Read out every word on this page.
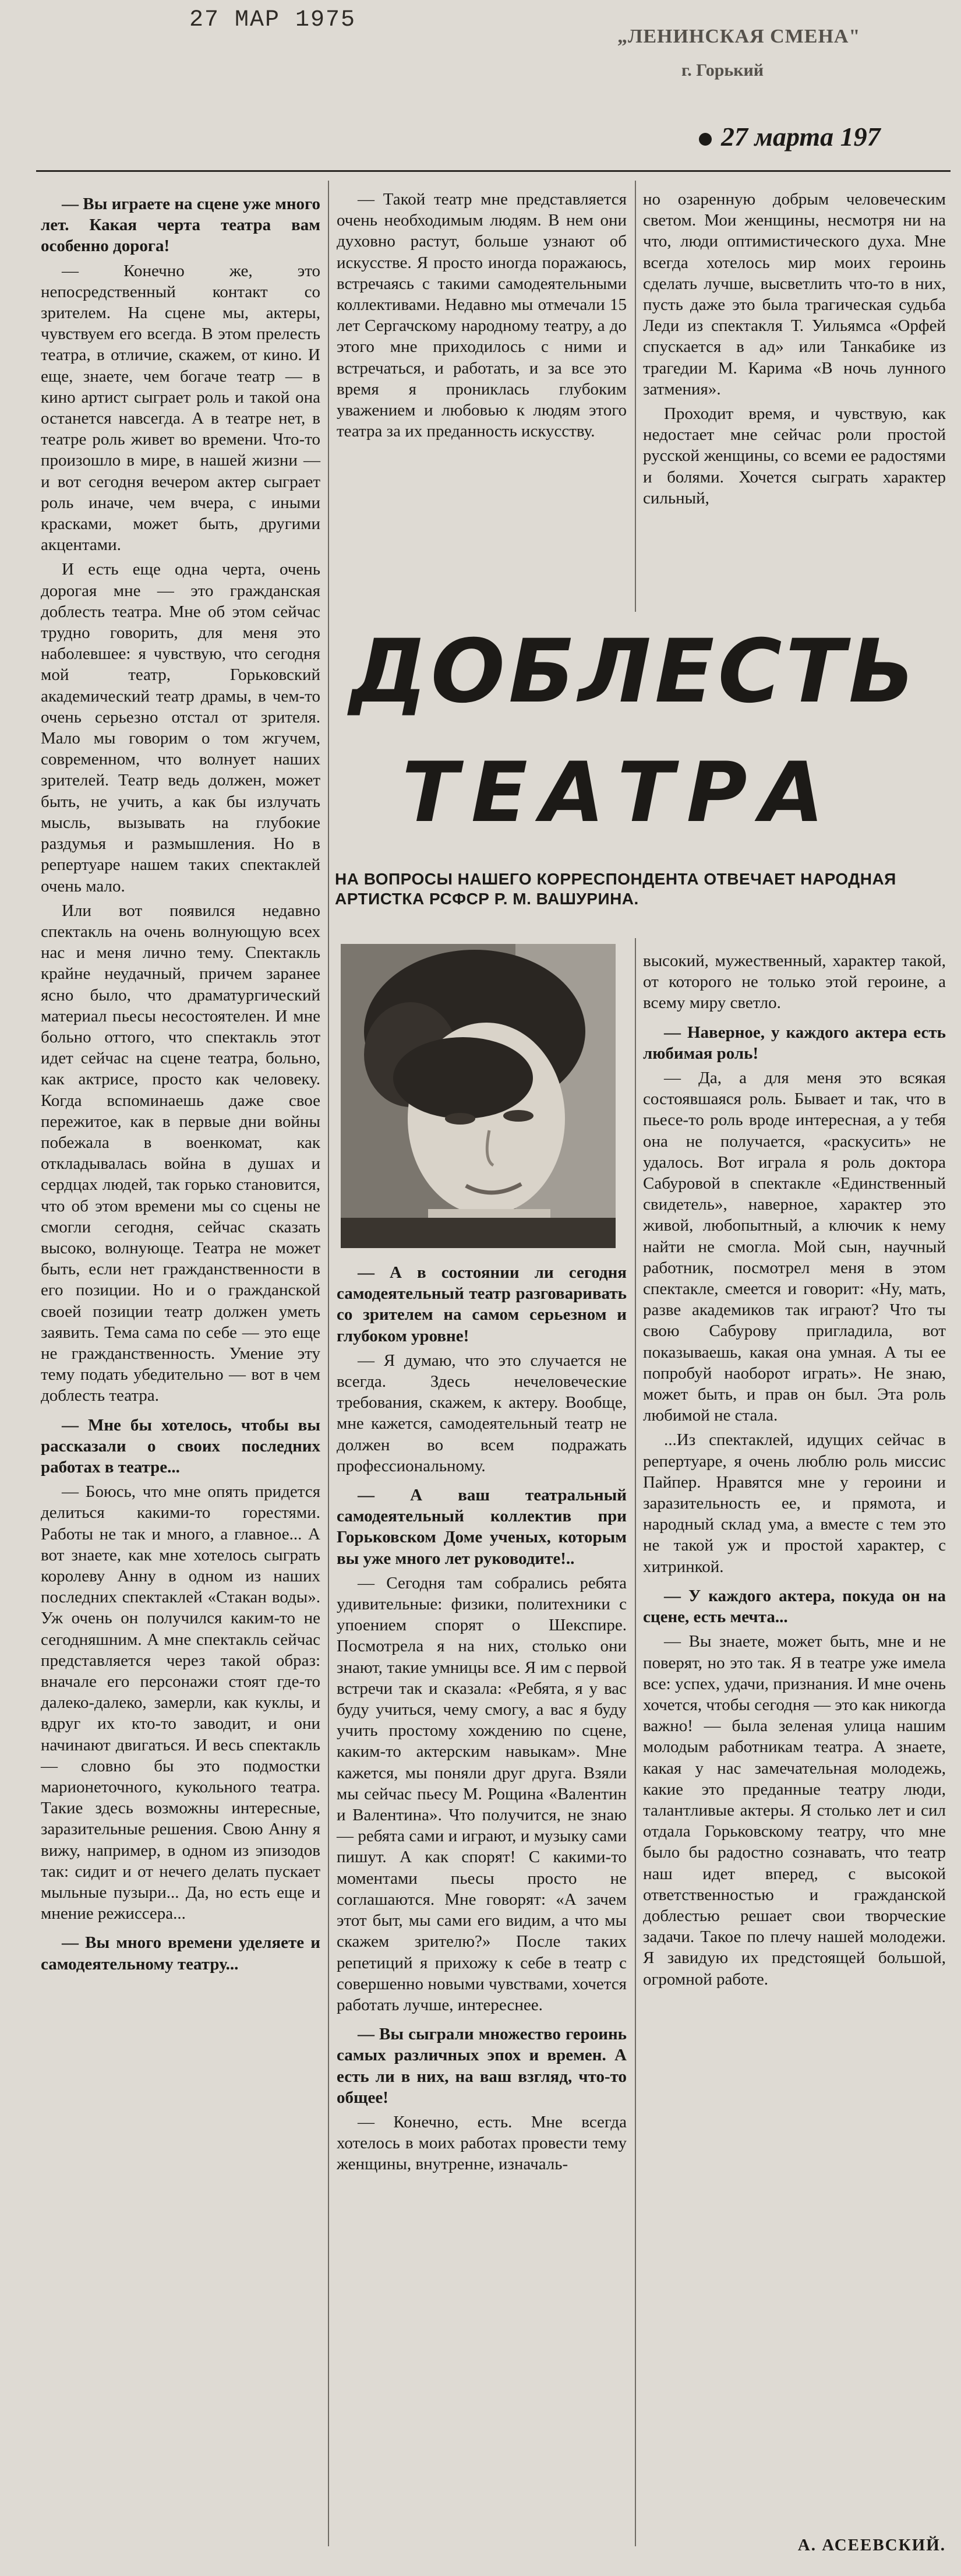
27 МАР 1975
„ЛЕНИНСКАЯ СМЕНА"
г. Горький
27 марта 197

— Вы играете на сцене уже много лет. Какая черта театра вам особенно дорога!

— Конечно же, это непосредственный контакт со зрителем. На сцене мы, актеры, чувствуем его всегда. В этом прелесть театра, в отличие, скажем, от кино. И еще, знаете, чем богаче театр — в кино артист сыграет роль и такой она останется навсегда. А в театре нет, в театре роль живет во времени. Что-то произошло в мире, в нашей жизни — и вот сегодня вечером актер сыграет роль иначе, чем вчера, с иными красками, может быть, другими акцентами.

И есть еще одна черта, очень дорогая мне — это гражданская доблесть театра. Мне об этом сейчас трудно говорить, для меня это наболевшее: я чувствую, что сегодня мой театр, Горьковский академический театр драмы, в чем-то очень серьезно отстал от зрителя. Мало мы говорим о том жгучем, современном, что волнует наших зрителей. Театр ведь должен, может быть, не учить, а как бы излучать мысль, вызывать на глубокие раздумья и размышления. Но в репертуаре нашем таких спектаклей очень мало.

Или вот появился недавно спектакль на очень волнующую всех нас и меня лично тему. Спектакль крайне неудачный, причем заранее ясно было, что драматургический материал пьесы несостоятелен. И мне больно оттого, что спектакль этот идет сейчас на сцене театра, больно, как актрисе, просто как человеку. Когда вспоминаешь даже свое пережитое, как в первые дни войны побежала в военкомат, как откладывалась война в душах и сердцах людей, так горько становится, что об этом времени мы со сцены не смогли сегодня, сейчас сказать высоко, волнующе. Театра не может быть, если нет гражданственности в его позиции. Но и о гражданской своей позиции театр должен уметь заявить. Тема сама по себе — это еще не гражданственность. Умение эту тему подать убедительно — вот в чем доблесть театра.

— Мне бы хотелось, чтобы вы рассказали о своих последних работах в театре...

— Боюсь, что мне опять придется делиться какими-то горестями. Работы не так и много, а главное... А вот знаете, как мне хотелось сыграть королеву Анну в одном из наших последних спектаклей «Стакан воды». Уж очень он получился каким-то не сегодняшним. А мне спектакль сейчас представляется через такой образ: вначале его персонажи стоят где-то далеко-далеко, замерли, как куклы, и вдруг их кто-то заводит, и они начинают двигаться. И весь спектакль — словно бы это подмостки марионеточного, кукольного театра. Такие здесь возможны интересные, заразительные решения. Свою Анну я вижу, например, в одном из эпизодов так: сидит и от нечего делать пускает мыльные пузыри... Да, но есть еще и мнение режиссера...

— Вы много времени уделяете и самодеятельному театру...

— Такой театр мне представляется очень необходимым людям. В нем они духовно растут, больше узнают об искусстве. Я просто иногда поражаюсь, встречаясь с такими самодеятельными коллективами. Недавно мы отмечали 15 лет Сергачскому народному театру, а до этого мне приходилось с ними и встречаться, и работать, и за все это время я прониклась глубоким уважением и любовью к людям этого театра за их преданность искусству.

но озаренную добрым человеческим светом. Мои женщины, несмотря ни на что, люди оптимистического духа. Мне всегда хотелось мир моих героинь сделать лучше, высветлить что-то в них, пусть даже это была трагическая судьба Леди из спектакля Т. Уильямса «Орфей спускается в ад» или Танкабике из трагедии М. Карима «В ночь лунного затмения».

Проходит время, и чувствую, как недостает мне сейчас роли простой русской женщины, со всеми ее радостями и болями. Хочется сыграть характер сильный,

ДОБЛЕСТЬ
ТЕАТРА
НА ВОПРОСЫ НАШЕГО КОРРЕСПОНДЕНТА ОТВЕЧАЕТ НАРОДНАЯ АРТИСТКА РСФСР Р. М. ВАШУРИНА.

— А в состоянии ли сегодня самодеятельный театр разговаривать со зрителем на самом серьезном и глубоком уровне!

— Я думаю, что это случается не всегда. Здесь нечеловеческие требования, скажем, к актеру. Вообще, мне кажется, самодеятельный театр не должен во всем подражать профессиональному.

— А ваш театральный самодеятельный коллектив при Горьковском Доме ученых, которым вы уже много лет руководите!..

— Сегодня там собрались ребята удивительные: физики, политехники с упоением спорят о Шекспире. Посмотрела я на них, столько они знают, такие умницы все. Я им с первой встречи так и сказала: «Ребята, я у вас буду учиться, чему смогу, а вас я буду учить простому хождению по сцене, каким-то актерским навыкам». Мне кажется, мы поняли друг друга. Взяли мы сейчас пьесу М. Рощина «Валентин и Валентина». Что получится, не знаю — ребята сами и играют, и музыку сами пишут. А как спорят! С какими-то моментами пьесы просто не соглашаются. Мне говорят: «А зачем этот быт, мы сами его видим, а что мы скажем зрителю?» После таких репетиций я прихожу к себе в театр с совершенно новыми чувствами, хочется работать лучше, интереснее.

— Вы сыграли множество героинь самых различных эпох и времен. А есть ли в них, на ваш взгляд, что-то общее!

— Конечно, есть. Мне всегда хотелось в моих работах провести тему женщины, внутренне, изначаль-

высокий, мужественный, характер такой, от которого не только этой героине, а всему миру светло.

— Наверное, у каждого актера есть любимая роль!

— Да, а для меня это всякая состоявшаяся роль. Бывает и так, что в пьесе-то роль вроде интересная, а у тебя она не получается, «раскусить» не удалось. Вот играла я роль доктора Сабуровой в спектакле «Единственный свидетель», наверное, характер это живой, любопытный, а ключик к нему найти не смогла. Мой сын, научный работник, посмотрел меня в этом спектакле, смеется и говорит: «Ну, мать, разве академиков так играют? Что ты свою Сабурову пригладила, вот показываешь, какая она умная. А ты ее попробуй наоборот играть». Не знаю, может быть, и прав он был. Эта роль любимой не стала.

...Из спектаклей, идущих сейчас в репертуаре, я очень люблю роль миссис Пайпер. Нравятся мне у героини и заразительность ее, и прямота, и народный склад ума, а вместе с тем это не такой уж и простой характер, с хитринкой.

— У каждого актера, покуда он на сцене, есть мечта...

— Вы знаете, может быть, мне и не поверят, но это так. Я в театре уже имела все: успех, удачи, признания. И мне очень хочется, чтобы сегодня — это как никогда важно! — была зеленая улица нашим молодым работникам театра. А знаете, какая у нас замечательная молодежь, какие это преданные театру люди, талантливые актеры. Я столько лет и сил отдала Горьковскому театру, что мне было бы радостно сознавать, что театр наш идет вперед, с высокой ответственностью и гражданской доблестью решает свои творческие задачи. Такое по плечу нашей молодежи. Я завидую их предстоящей большой, огромной работе.

А. АСЕЕВСКИЙ.
